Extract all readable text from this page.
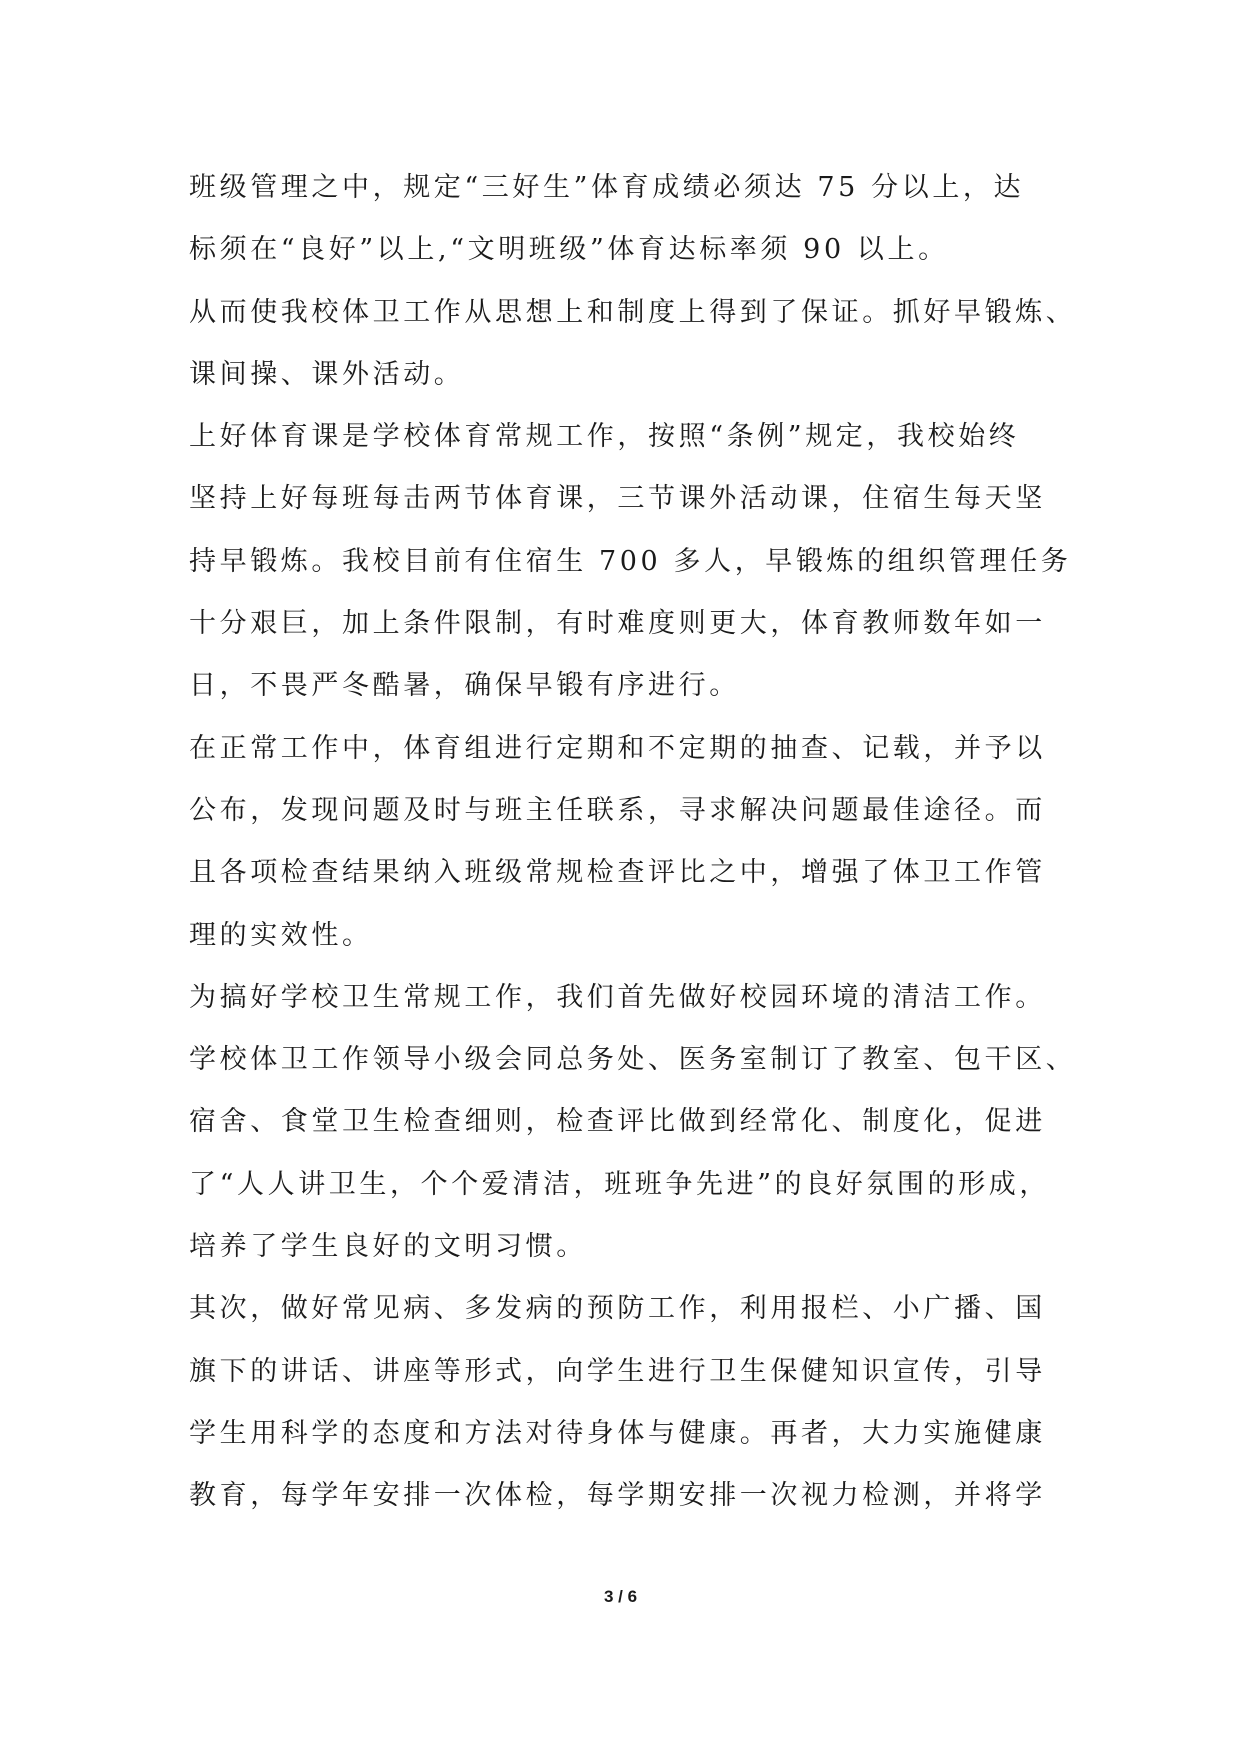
班级管理之中，规定“三好生”体育成绩必须达 75 分以上，达
标须在“良好”以上,“文明班级”体育达标率须 90 以上。
从而使我校体卫工作从思想上和制度上得到了保证。抓好早锻炼、
课间操、课外活动。
上好体育课是学校体育常规工作，按照“条例”规定，我校始终
坚持上好每班每击两节体育课，三节课外活动课，住宿生每天坚
持早锻炼。我校目前有住宿生 700 多人，早锻炼的组织管理任务
十分艰巨，加上条件限制，有时难度则更大，体育教师数年如一
日，不畏严冬酷暑，确保早锻有序进行。
在正常工作中，体育组进行定期和不定期的抽查、记载，并予以
公布，发现问题及时与班主任联系，寻求解决问题最佳途径。而
且各项检查结果纳入班级常规检查评比之中，增强了体卫工作管
理的实效性。
为搞好学校卫生常规工作，我们首先做好校园环境的清洁工作。
学校体卫工作领导小级会同总务处、医务室制订了教室、包干区、
宿舍、食堂卫生检查细则，检查评比做到经常化、制度化，促进
了“人人讲卫生，个个爱清洁，班班争先进”的良好氛围的形成，
培养了学生良好的文明习惯。
其次，做好常见病、多发病的预防工作，利用报栏、小广播、国
旗下的讲话、讲座等形式，向学生进行卫生保健知识宣传，引导
学生用科学的态度和方法对待身体与健康。再者，大力实施健康
教育，每学年安排一次体检，每学期安排一次视力检测，并将学
3 / 6
